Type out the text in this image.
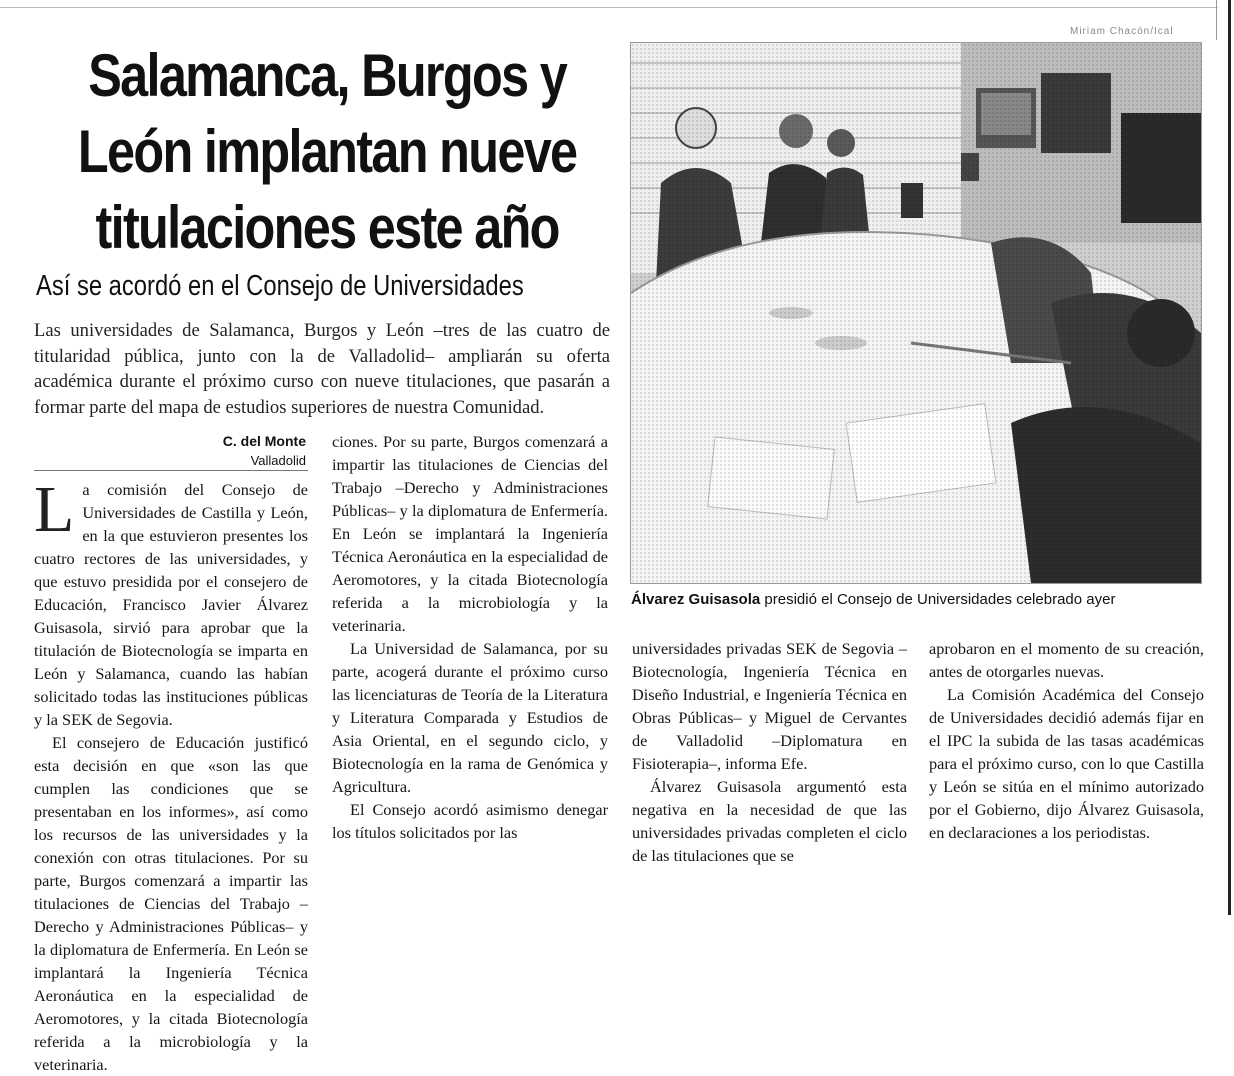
Salamanca, Burgos y
León implantan nueve
titulaciones este año
Así se acordó en el Consejo de Universidades

Las universidades de Salamanca, Burgos y León –tres de las cuatro de titularidad pública, junto con la de Valladolid– ampliarán su oferta académica durante el próximo curso con nueve titulaciones, que pasarán a formar parte del mapa de estudios superiores de nuestra Comunidad.

C. del Monte
Valladolid
Miriam Chacón/Ical
Álvarez Guisasola presidió el Consejo de Universidades celebrado ayer
L a comisión del Consejo de Universidades de Castilla y León, en la que estuvieron presentes los cuatro rectores de las universidades, y que estuvo presidida por el consejero de Educación, Francisco Javier Álvarez Guisasola, sirvió para aprobar que la titulación de Biotecnología se imparta en León y Salamanca, cuando las habían solicitado todas las instituciones públicas y la SEK de Segovia.

El consejero de Educación justificó esta decisión en que «son las que cumplen las condiciones que se presentaban en los informes», así como los recursos de las universidades y la conexión con otras titulaciones. Por su parte, Burgos comenzará a impartir las titulaciones de Ciencias del Trabajo –Derecho y Administraciones Públicas– y la diplomatura de Enfermería. En León se implantará la Ingeniería Técnica Aeronáutica en la especialidad de Aeromotores, y la citada Biotecnología referida a la microbiología y la veterinaria.

ciones. Por su parte, Burgos comenzará a impartir las titulaciones de Ciencias del Trabajo –Derecho y Administraciones Públicas– y la diplomatura de Enfermería. En León se implantará la Ingeniería Técnica Aeronáutica en la especialidad de Aeromotores, y la citada Biotecnología referida a la microbiología y la veterinaria.

La Universidad de Salamanca, por su parte, acogerá durante el próximo curso las licenciaturas de Teoría de la Literatura y Literatura Comparada y Estudios de Asia Oriental, en el segundo ciclo, y Biotecnología en la rama de Genómica y Agricultura.

El Consejo acordó asimismo denegar los títulos solicitados por las

universidades privadas SEK de Segovia –Biotecnología, Ingeniería Técnica en Diseño Industrial, e Ingeniería Técnica en Obras Públicas– y Miguel de Cervantes de Valladolid –Diplomatura en Fisioterapia–, informa Efe.

Álvarez Guisasola argumentó esta negativa en la necesidad de que las universidades privadas completen el ciclo de las titulaciones que se

aprobaron en el momento de su creación, antes de otorgarles nuevas.

La Comisión Académica del Consejo de Universidades decidió además fijar en el IPC la subida de las tasas académicas para el próximo curso, con lo que Castilla y León se sitúa en el mínimo autorizado por el Gobierno, dijo Álvarez Guisasola, en declaraciones a los periodistas.
